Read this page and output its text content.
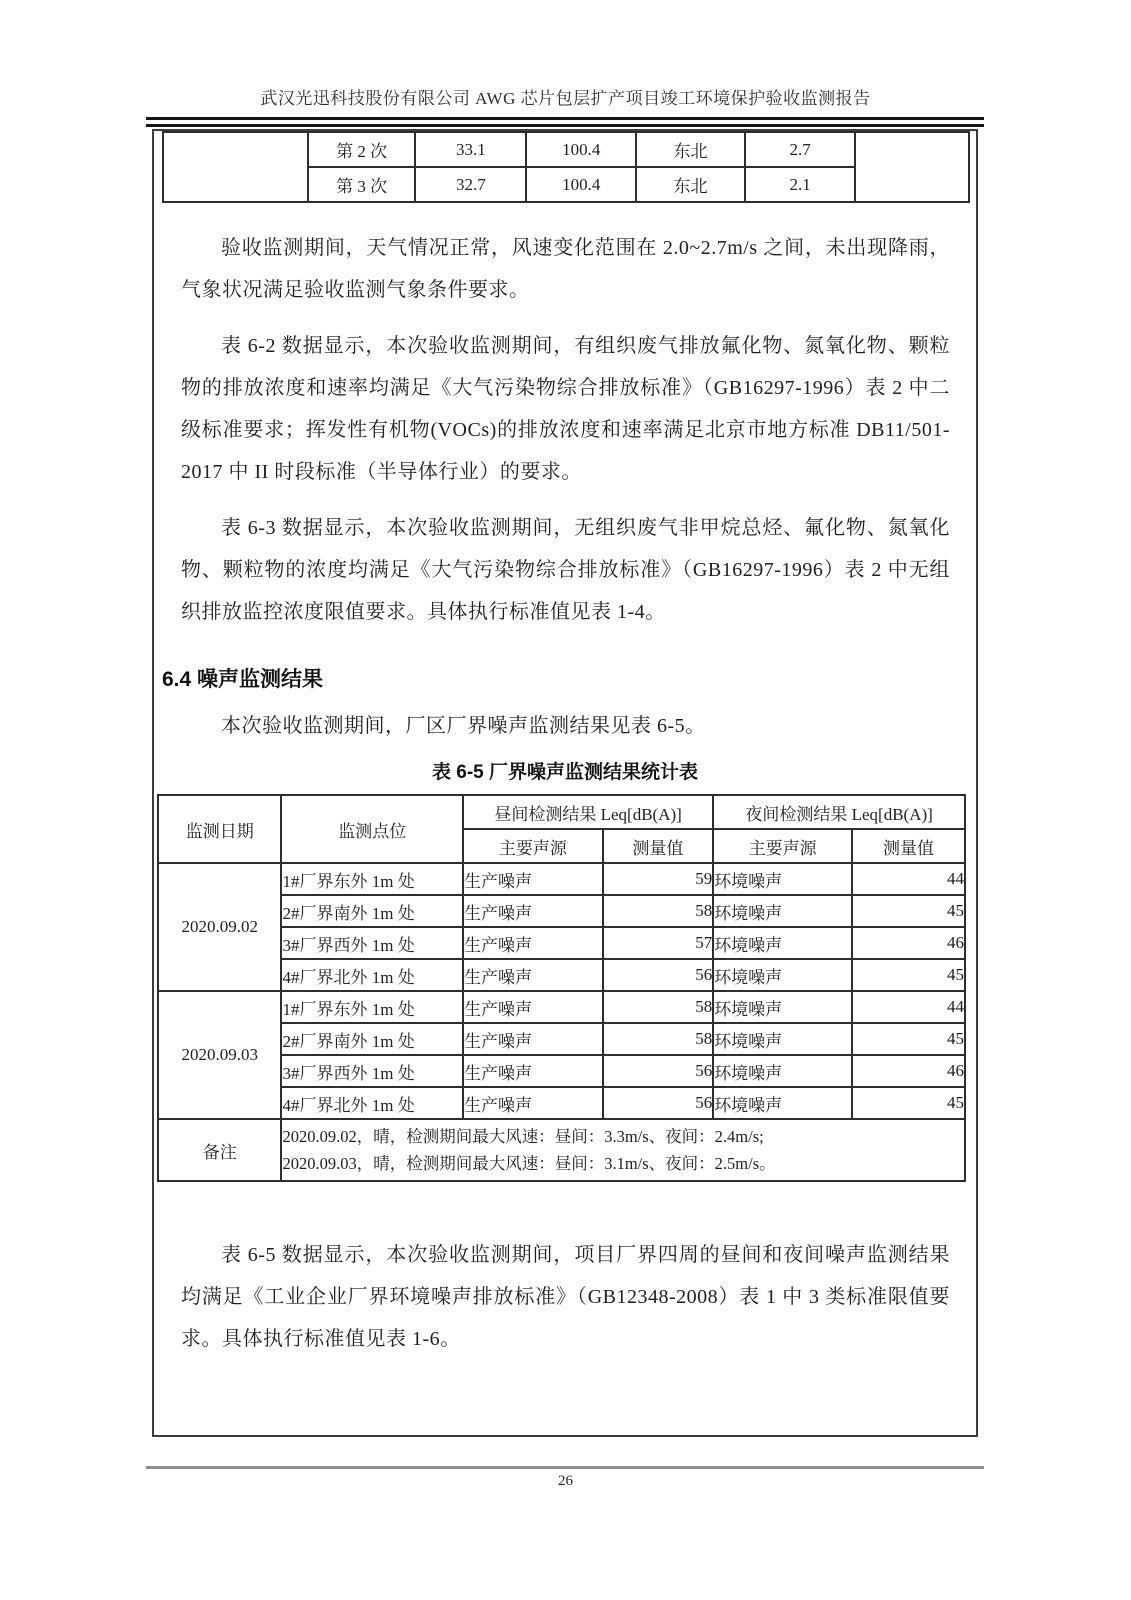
武汉光迅科技股份有限公司 AWG 芯片包层扩产项目竣工环境保护验收监测报告
	第 2 次	33.1	100.4	东北	2.7	
	第 3 次	32.7	100.4	东北	2.1	

验收监测期间，天气情况正常，风速变化范围在 2.0~2.7m/s 之间，未出现降雨，气象状况满足验收监测气象条件要求。

表 6-2 数据显示，本次验收监测期间，有组织废气排放氟化物、氮氧化物、颗粒物的排放浓度和速率均满足《大气污染物综合排放标准》（GB16297-1996）表 2 中二级标准要求；挥发性有机物(VOCs)的排放浓度和速率满足北京市地方标准 DB11/501-2017 中 II 时段标准（半导体行业）的要求。

表 6-3 数据显示，本次验收监测期间，无组织废气非甲烷总烃、氟化物、氮氧化物、颗粒物的浓度均满足《大气污染物综合排放标准》（GB16297-1996）表 2 中无组织排放监控浓度限值要求。具体执行标准值见表 1-4。

6.4 噪声监测结果

本次验收监测期间，厂区厂界噪声监测结果见表 6-5。

表 6-5 厂界噪声监测结果统计表
监测日期	监测点位	昼间检测结果 Leq[dB(A)]		夜间检测结果 Leq[dB(A)]	
		主要声源	测量值	主要声源	测量值
2020.09.02	1#厂界东外 1m 处	生产噪声	59	环境噪声	44
	2#厂界南外 1m 处	生产噪声	58	环境噪声	45
	3#厂界西外 1m 处	生产噪声	57	环境噪声	46
	4#厂界北外 1m 处	生产噪声	56	环境噪声	45
2020.09.03	1#厂界东外 1m 处	生产噪声	58	环境噪声	44
	2#厂界南外 1m 处	生产噪声	58	环境噪声	45
	3#厂界西外 1m 处	生产噪声	56	环境噪声	46
	4#厂界北外 1m 处	生产噪声	56	环境噪声	45
备注	2020.09.02，晴，检测期间最大风速：昼间：3.3m/s、夜间：2.4m/s;
2020.09.03，晴，检测期间最大风速：昼间：3.1m/s、夜间：2.5m/s。				

表 6-5 数据显示，本次验收监测期间，项目厂界四周的昼间和夜间噪声监测结果均满足《工业企业厂界环境噪声排放标准》（GB12348-2008）表 1 中 3 类标准限值要求。具体执行标准值见表 1-6。

26
